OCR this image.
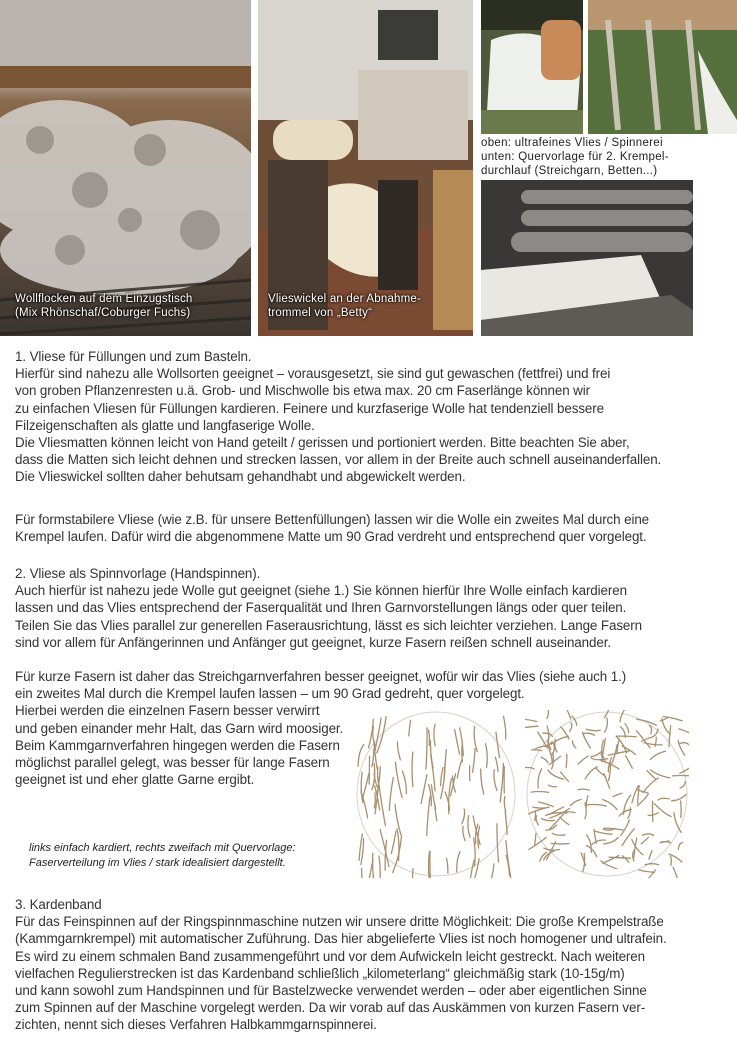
Wollflocken auf dem Einzugstisch
(Mix Rhönschaf/Coburger Fuchs)
Vlieswickel an der Abnahme-
trommel von „Betty“
oben: ultrafeines Vlies / Spinnerei
unten: Quervorlage für 2. Krempel-
durchlauf (Streichgarn, Betten...)

1. Vliese für Füllungen und zum Basteln.

Hierfür sind nahezu alle Wollsorten geeignet – vorausgesetzt, sie sind gut gewaschen (fettfrei) und frei

von groben Pflanzenresten u.ä. Grob- und Mischwolle bis etwa max. 20 cm Faserlänge können wir

zu einfachen Vliesen für Füllungen kardieren. Feinere und kurzfaserige Wolle hat tendenziell bessere

Filzeigenschaften als glatte und langfaserige Wolle.

Die Vliesmatten können leicht von Hand geteilt / gerissen und portioniert werden. Bitte beachten Sie aber,

dass die Matten sich leicht dehnen und strecken lassen, vor allem in der Breite auch schnell auseinanderfallen.

Die Vlieswickel sollten daher behutsam gehandhabt und abgewickelt werden.

Für formstabilere Vliese (wie z.B. für unsere Bettenfüllungen) lassen wir die Wolle ein zweites Mal durch eine

Krempel laufen. Dafür wird die abgenommene Matte um 90 Grad verdreht und entsprechend quer vorgelegt.

2. Vliese als Spinnvorlage (Handspinnen).

Auch hierfür ist nahezu jede Wolle gut geeignet (siehe 1.) Sie können hierfür Ihre Wolle einfach kardieren

lassen und das Vlies entsprechend der Faserqualität und Ihren Garnvorstellungen längs oder quer teilen.

Teilen Sie das Vlies parallel zur generellen Faserausrichtung, lässt es sich leichter verziehen. Lange Fasern

sind vor allem für Anfängerinnen und Anfänger gut geeignet, kurze Fasern reißen schnell auseinander.

Für kurze Fasern ist daher das Streichgarnverfahren besser geeignet, wofür wir das Vlies (siehe auch 1.)

ein zweites Mal durch die Krempel laufen lassen – um 90 Grad gedreht, quer vorgelegt.

Hierbei werden die einzelnen Fasern besser verwirrt

und geben einander mehr Halt, das Garn wird moosiger.

Beim Kammgarnverfahren hingegen werden die Fasern

möglichst parallel gelegt, was besser für lange Fasern

geeignet ist und eher glatte Garne ergibt.

links einfach kardiert, rechts zweifach mit Quervorlage:

Faserverteilung im Vlies / stark idealisiert dargestellt.

3. Kardenband

Für das Feinspinnen auf der Ringspinnmaschine nutzen wir unsere dritte Möglichkeit: Die große Krempelstraße

(Kammgarnkrempel) mit automatischer Zuführung. Das hier abgelieferte Vlies ist noch homogener und ultrafein.

Es wird zu einem schmalen Band zusammengeführt und vor dem Aufwickeln leicht gestreckt. Nach weiteren

vielfachen Regulierstrecken ist das Kardenband schließlich „kilometerlang“ gleichmäßig stark (10-15g/m)

und kann sowohl zum Handspinnen und für Bastelzwecke verwendet werden – oder aber eigentlichen Sinne

zum Spinnen auf der Maschine vorgelegt werden. Da wir vorab auf das Auskämmen von kurzen Fasern ver-

zichten, nennt sich dieses Verfahren Halbkammgarnspinnerei.
